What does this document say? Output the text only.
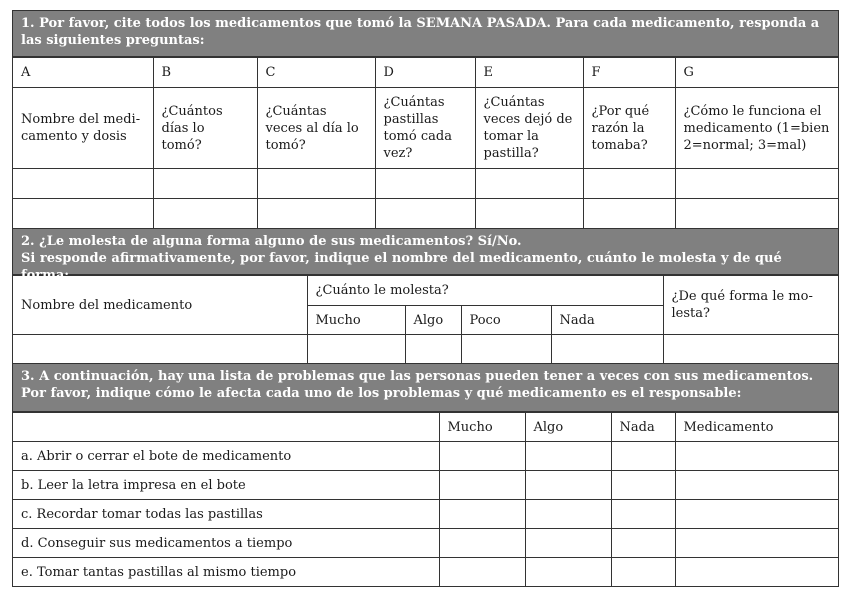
1. Por favor, cite todos los medicamentos que tomó la SEMANA PASADA. Para cada medicamento, responda a las siguientes preguntas:
A	B	C	D	E	F	G
Nombre del medi-camento y dosis	¿Cuántos días lo tomó?	¿Cuántas veces al día lo tomó?	¿Cuántas pastillas tomó cada vez?	¿Cuántas veces dejó de tomar la pastilla?	¿Por qué razón la tomaba?	¿Cómo le funciona el medicamento (1=bien 2=normal; 3=mal)

2. ¿Le molesta de alguna forma alguno de sus medicamentos? Sí/No.
Si responde afirmativamente, por favor, indique el nombre del medicamento, cuánto le molesta y de qué forma:
Nombre del medicamento	¿Cuánto le molesta?				¿De qué forma le mo-lesta?
	Mucho	Algo	Poco	Nada	

3. A continuación, hay una lista de problemas que las personas pueden tener a veces con sus medicamentos. Por favor, indique cómo le afecta cada uno de los problemas y qué medicamento es el responsable:
	Mucho	Algo	Nada	Medicamento
a. Abrir o cerrar el bote de medicamento				
b. Leer la letra impresa en el bote				
c. Recordar tomar todas las pastillas				
d. Conseguir sus medicamentos a tiempo				
e. Tomar tantas pastillas al mismo tiempo				
